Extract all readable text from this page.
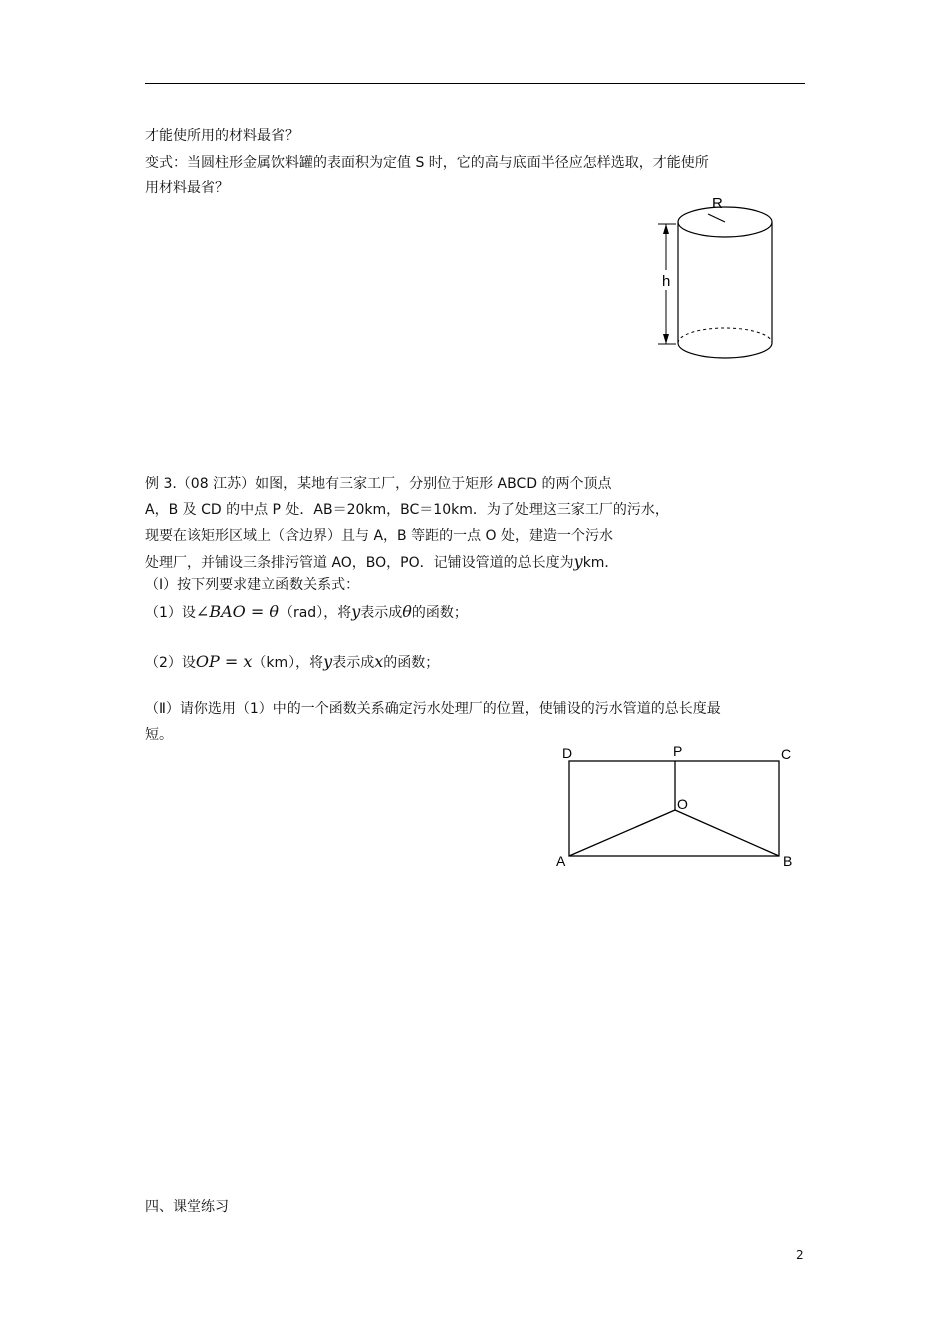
才能使所用的材料最省？
变式：当圆柱形金属饮料罐的表面积为定值 S 时，它的高与底面半径应怎样选取，才能使所
用材料最省？
R
h
例 3.（08 江苏）如图，某地有三家工厂，分别位于矩形 ABCD 的两个顶点
A，B 及 CD 的中点 P 处．AB＝20km，BC＝10km．为了处理这三家工厂的污水，
现要在该矩形区域上（含边界）且与 A，B 等距的一点 O 处，建造一个污水
处理厂，并铺设三条排污管道 AO，BO，PO．记铺设管道的总长度为ykm．
（Ⅰ）按下列要求建立函数关系式：
（1）设∠BAO = θ（rad），将y表示成θ的函数；
（2）设OP = x（km），将y表示成x的函数；
（Ⅱ）请你选用（1）中的一个函数关系确定污水处理厂的位置，使铺设的污水管道的总长度最
短。
D	P	C
O
A	B
四、课堂练习
2
